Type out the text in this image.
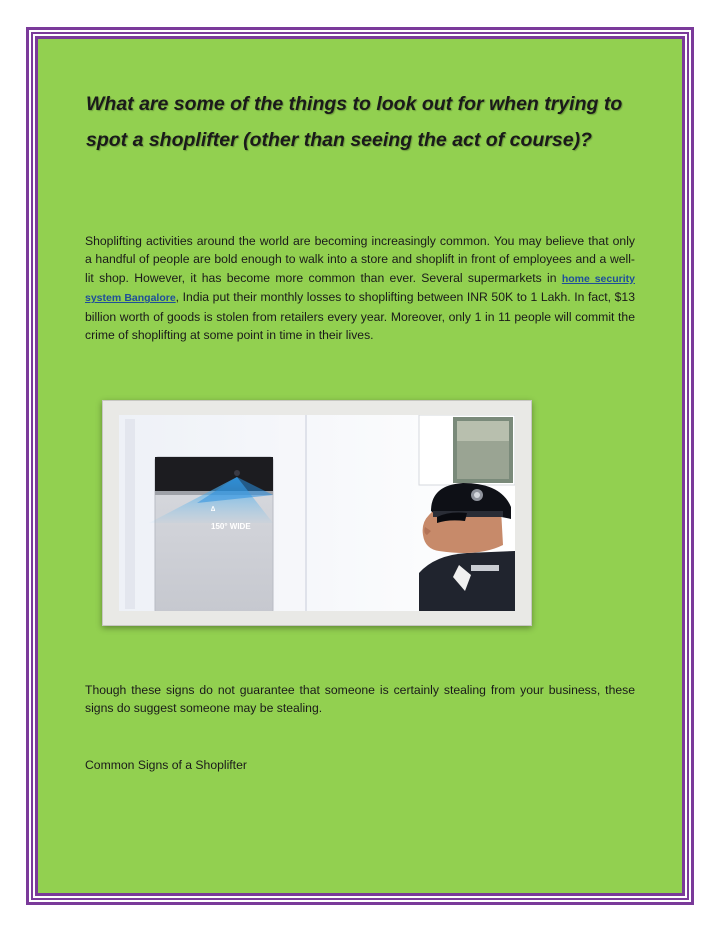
What are some of the things to look out for when trying to spot a shoplifter (other than seeing the act of course)?

Shoplifting activities around the world are becoming increasingly common. You may believe that only a handful of people are bold enough to walk into a store and shoplift in front of employees and a well-lit shop. However, it has become more common than ever. Several supermarkets in home security system Bangalore, India put their monthly losses to shoplifting between INR 50K to 1 Lakh. In fact, $13 billion worth of goods is stolen from retailers every year. Moreover, only 1 in 11 people will commit the crime of shoplifting at some point in time in their lives.

∆
150° WIDE

Though these signs do not guarantee that someone is certainly stealing from your business, these signs do suggest someone may be stealing.

Common Signs of a Shoplifter
